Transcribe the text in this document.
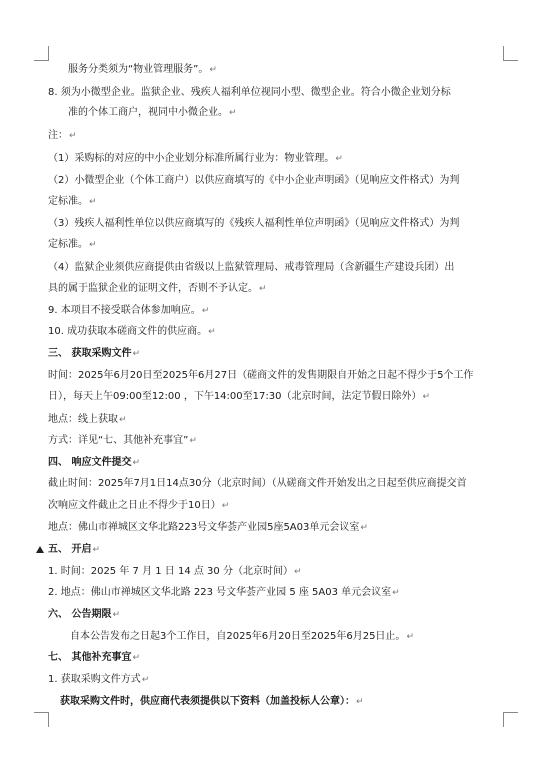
服务分类须为“物业管理服务”。↵
8. 须为小微型企业。监狱企业、残疾人福利单位视同小型、微型企业。符合小微企业划分标
准的个体工商户，视同中小微企业。↵
注：↵
（1）采购标的对应的中小企业划分标准所属行业为：物业管理。↵
（2）小微型企业（个体工商户）以供应商填写的《中小企业声明函》（见响应文件格式）为判
定标准。↵
（3）残疾人福利性单位以供应商填写的《残疾人福利性单位声明函》（见响应文件格式）为判
定标准。↵
（4）监狱企业须供应商提供由省级以上监狱管理局、戒毒管理局（含新疆生产建设兵团）出
具的属于监狱企业的证明文件，否则不予认定。↵
9. 本项目不接受联合体参加响应。↵
10. 成功获取本磋商文件的供应商。↵
三、 获取采购文件↵
时间：2025年6月20日至2025年6月27日（磋商文件的发售期限自开始之日起不得少于5个工作
日），每天上午09:00至12:00 ，下午14:00至17:30（北京时间，法定节假日除外）↵
地点：线上获取↵
方式：详见“七、其他补充事宜”↵
四、 响应文件提交↵
截止时间：2025年7月1日14点30分（北京时间）（从磋商文件开始发出之日起至供应商提交首
次响应文件截止之日止不得少于10日）↵
地点：佛山市禅城区文华北路223号文华荟产业园5座5A03单元会议室↵
五、 开启↵
1. 时间：2025 年 7 月 1 日 14 点 30 分（北京时间）↵
2. 地点：佛山市禅城区文华北路 223 号文华荟产业园 5 座 5A03 单元会议室↵
六、 公告期限↵
自本公告发布之日起3个工作日，自2025年6月20日至2025年6月25日止。↵
七、 其他补充事宜↵
1. 获取采购文件方式↵
获取采购文件时，供应商代表须提供以下资料（加盖投标人公章）：↵
